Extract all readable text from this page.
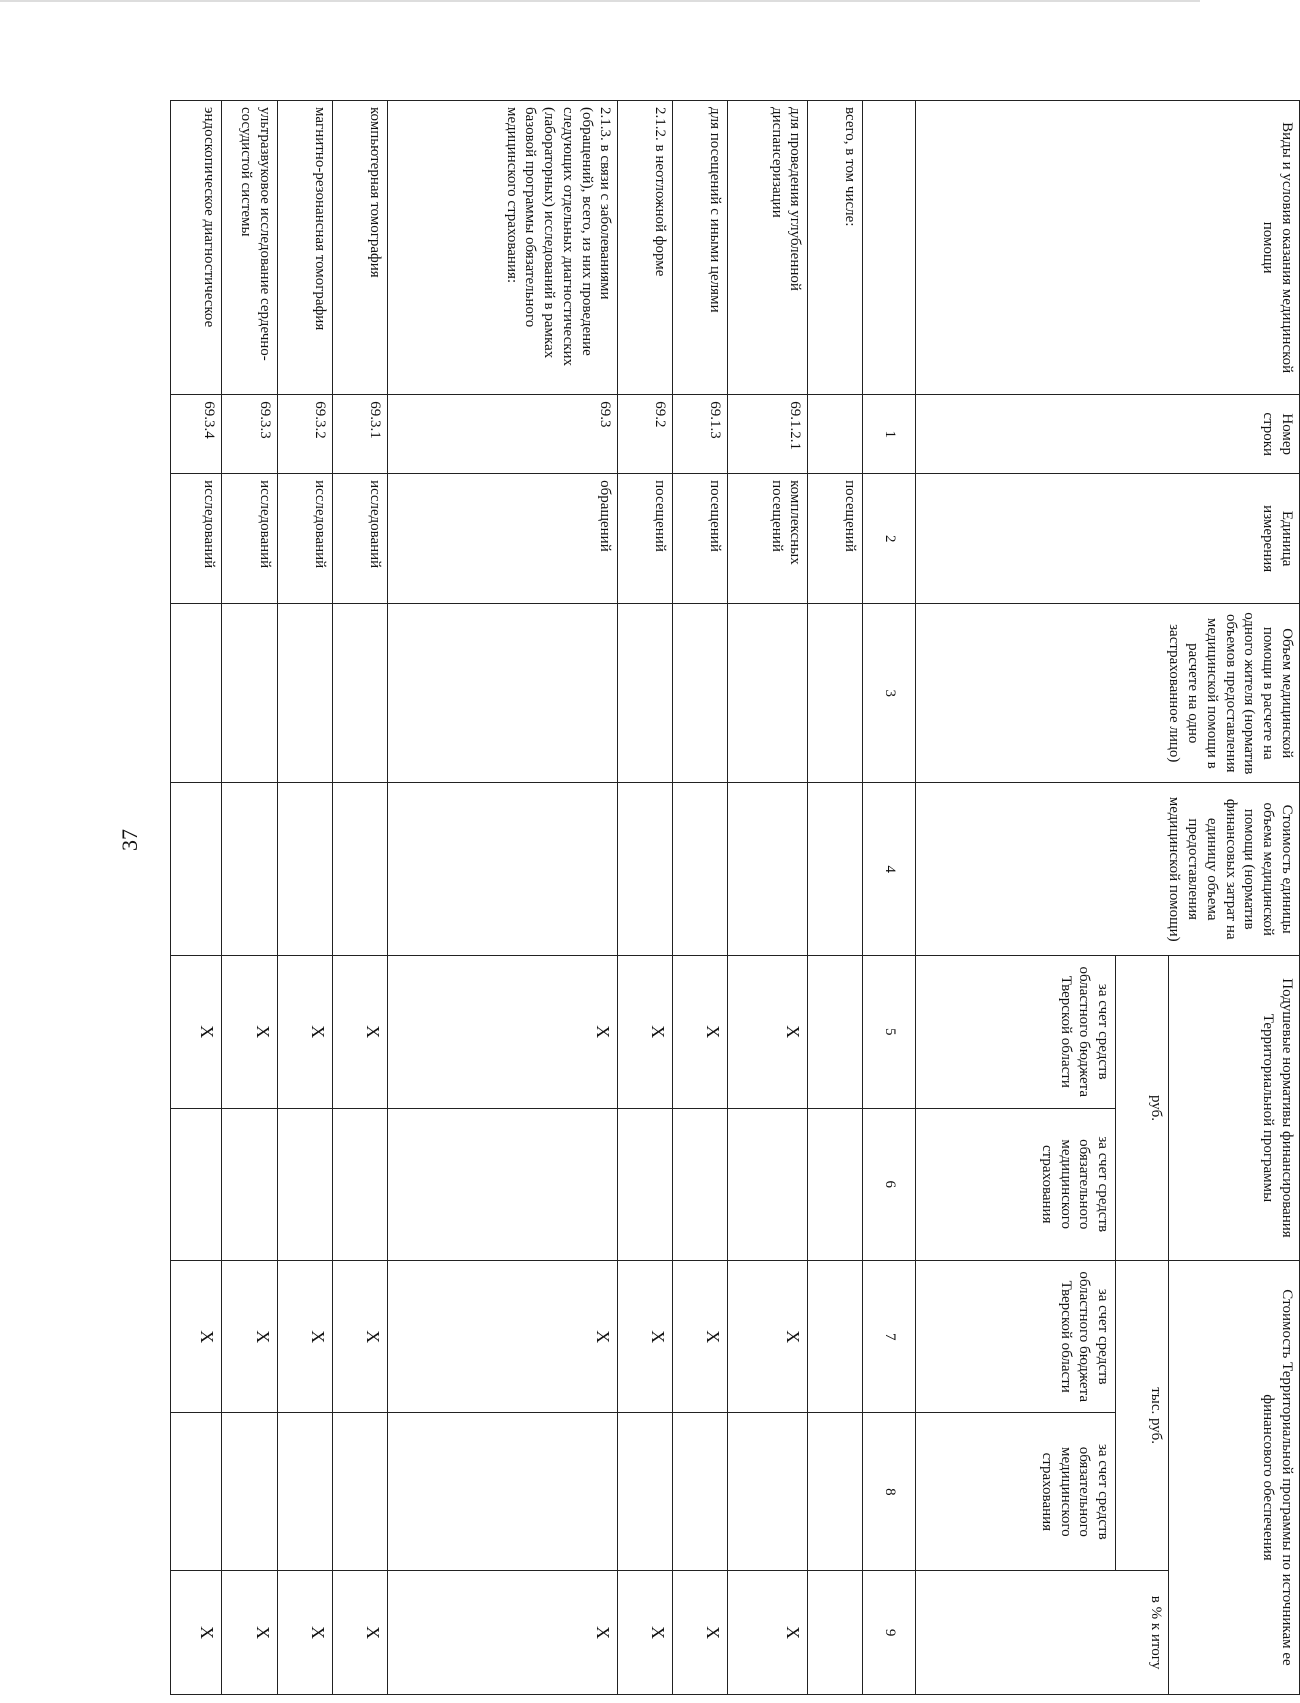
37
Виды и условия оказания медицинской помощи	Номер строки	Единица измерения	Объем медицинской помощи в расчете на одного жителя (норматив объемов предоставления медицинской помощи в расчете на одно застрахованное лицо)	Стоимость единицы объема медицинской помощи (норматив финансовых затрат на единицу объема предоставления медицинской помощи)	Подушевые нормативы финансирования Территориальной программы		Стоимость Территориальной программы по источникам ее финансового обеспечения		
					руб.		тыс. руб.		в % к итогу
					за счет средств областного бюджета Тверской области	за счет средств обязательного медицинского страхования	за счет средств областного бюджета Тверской области	за счет средств обязательного медицинского страхования	
	1	2	3	4	5	6	7	8	9
всего, в том числе:		посещений							
для проведения углубленной диспансеризации	69.1.2.1	комплексных посещений			X		X		X
для посещений с иными целями	69.1.3	посещений			X		X		X
2.1.2. в неотложной форме	69.2	посещений			X		X		X
2.1.3. в связи с заболеваниями (обращений), всего, из них проведение следующих отдельных диагностических (лабораторных) исследований в рамках базовой программы обязательного медицинского страхования:	69.3	обращений			X		X		X
компьютерная томография	69.3.1	исследований			X		X		X
магнитно-резонансная томография	69.3.2	исследований			X		X		X
ультразвуковое исследование сердечно-сосудистой системы	69.3.3	исследований			X		X		X
эндоскопическое диагностическое	69.3.4	исследований			X		X		X
